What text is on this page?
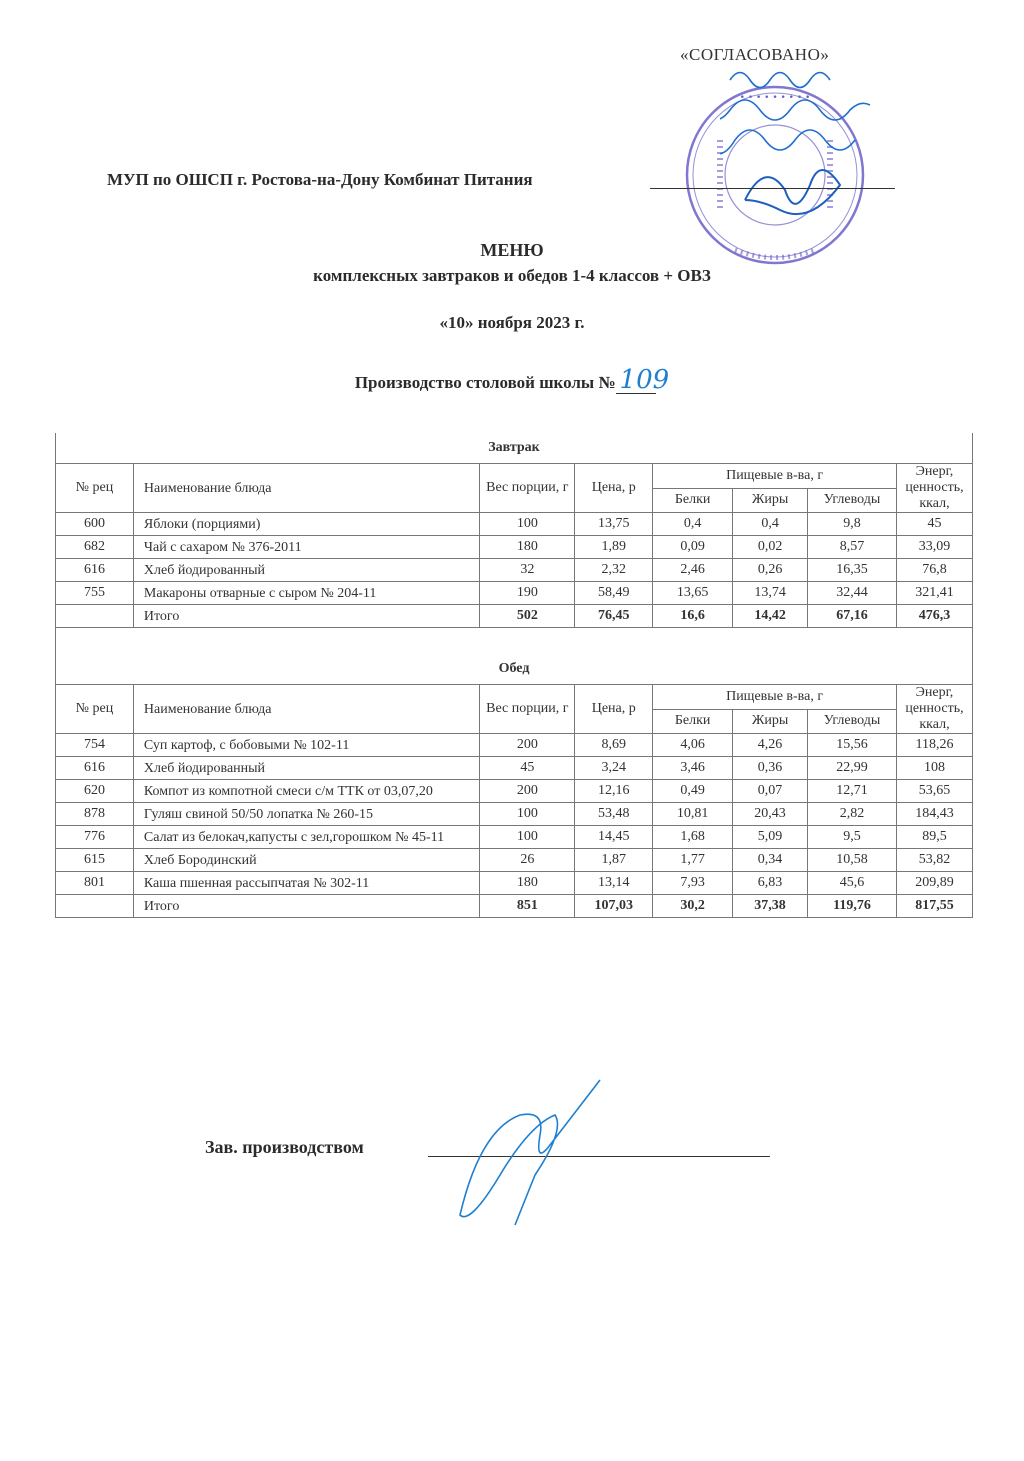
«СОГЛАСОВАНО»
• • • • • • • • •
МУП по ОШСП г. Ростова-на-Дону Комбинат Питания
МЕНЮ
комплексных завтраков и обедов 1-4 классов + ОВЗ
«10» ноября 2023 г.
Производство столовой школы № 109
Завтрак							
№ рец	Наименование блюда	Вес порции, г	Цена, р	Пищевые в-ва, г			Энерг, ценность, ккал,
				Белки	Жиры	Углеводы	
600	Яблоки (порциями)	100	13,75	0,4	0,4	9,8	45
682	Чай с сахаром № 376-2011	180	1,89	0,09	0,02	8,57	33,09
616	Хлеб йодированный	32	2,32	2,46	0,26	16,35	76,8
755	Макароны отварные с сыром № 204-11	190	58,49	13,65	13,74	32,44	321,41
	Итого	502	76,45	16,6	14,42	67,16	476,3

Обед							
№ рец	Наименование блюда	Вес порции, г	Цена, р	Пищевые в-ва, г			Энерг, ценность, ккал,
				Белки	Жиры	Углеводы	
754	Суп картоф, с бобовыми № 102-11	200	8,69	4,06	4,26	15,56	118,26
616	Хлеб йодированный	45	3,24	3,46	0,36	22,99	108
620	Компот из компотной смеси с/м ТТК от 03,07,20	200	12,16	0,49	0,07	12,71	53,65
878	Гуляш свиной 50/50 лопатка № 260-15	100	53,48	10,81	20,43	2,82	184,43
776	Салат из белокач,капусты с зел,горошком № 45-11	100	14,45	1,68	5,09	9,5	89,5
615	Хлеб Бородинский	26	1,87	1,77	0,34	10,58	53,82
801	Каша пшенная рассыпчатая № 302-11	180	13,14	7,93	6,83	45,6	209,89
	Итого	851	107,03	30,2	37,38	119,76	817,55
Зав. производством
